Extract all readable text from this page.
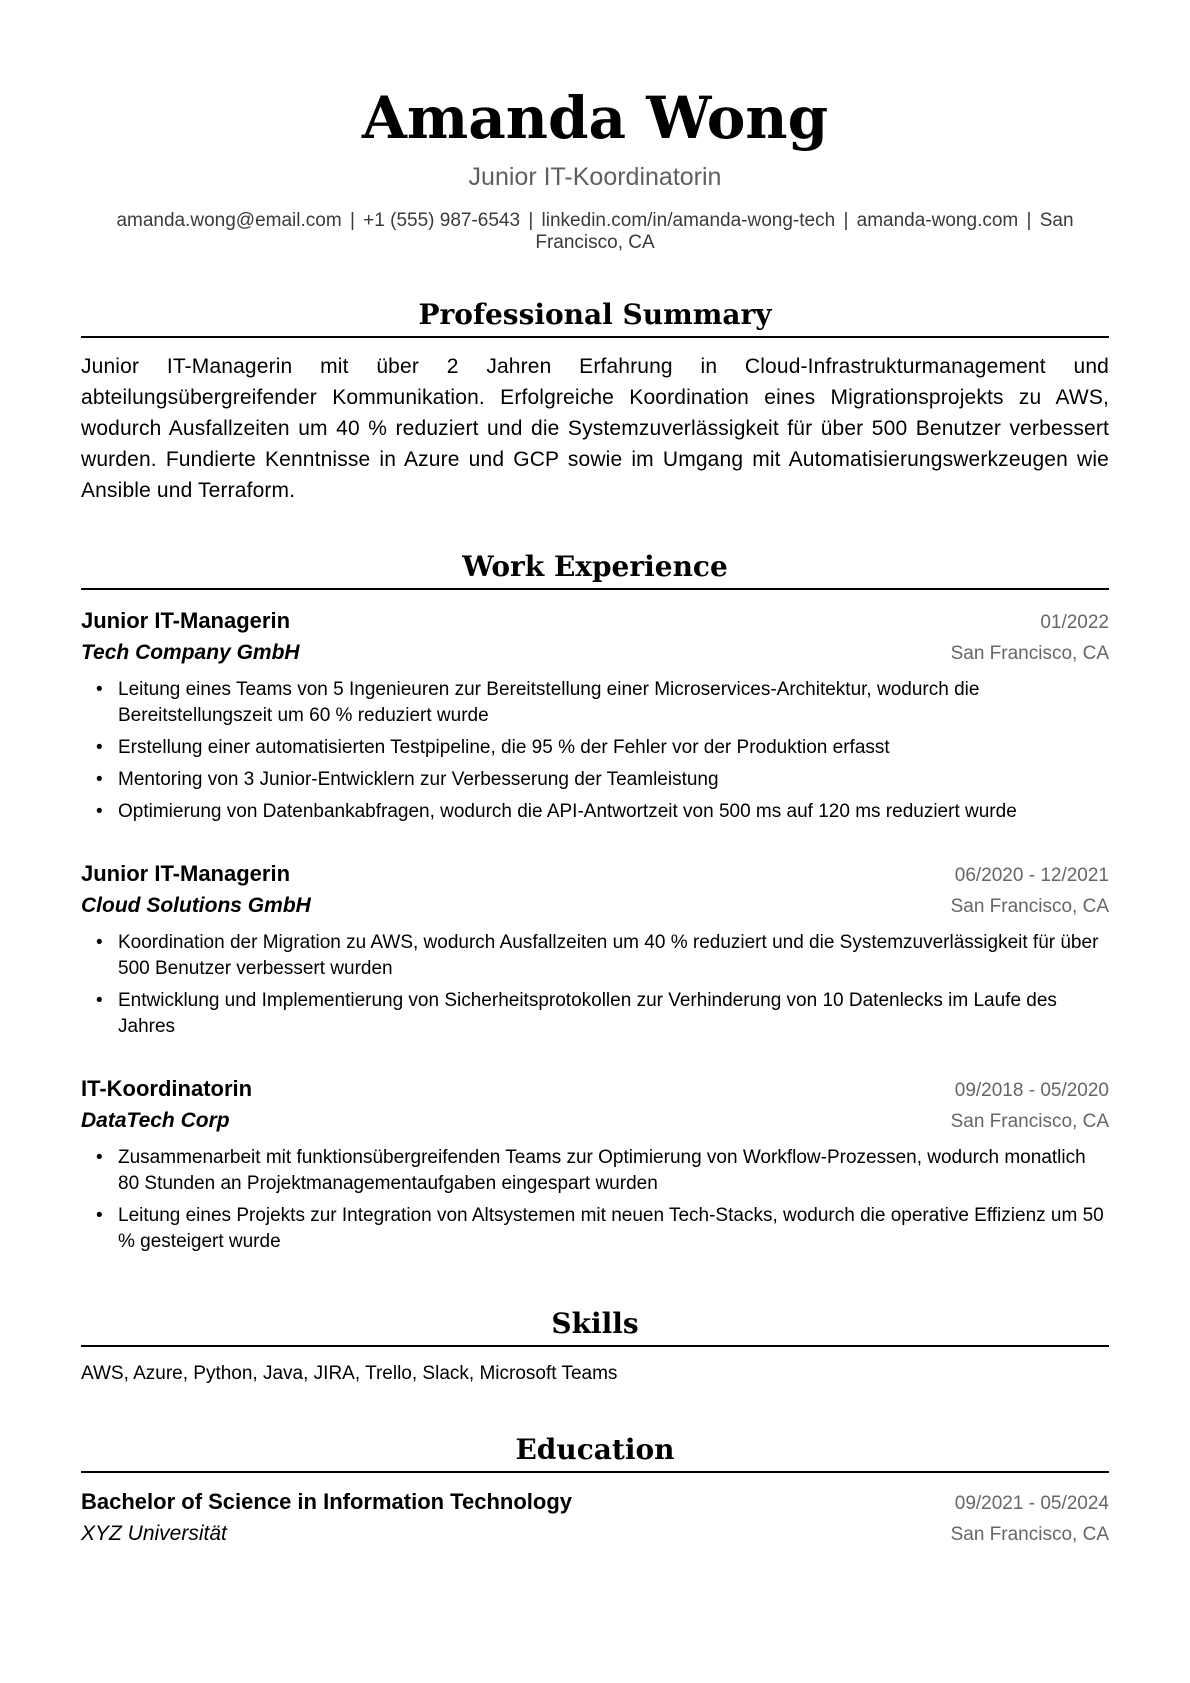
Amanda Wong
Junior IT-Koordinatorin
amanda.wong@email.com | +1 (555) 987-6543 | linkedin.com/in/amanda-wong-tech | amanda-wong.com | San Francisco, CA
Professional Summary

Junior IT-Managerin mit über 2 Jahren Erfahrung in Cloud-Infrastrukturmanagement und abteilungsübergreifender Kommunikation. Erfolgreiche Koordination eines Migrationsprojekts zu AWS, wodurch Ausfallzeiten um 40 % reduziert und die Systemzuverlässigkeit für über 500 Benutzer verbessert wurden. Fundierte Kenntnisse in Azure und GCP sowie im Umgang mit Automatisierungswerkzeugen wie Ansible und Terraform.

Work Experience
Junior IT-Managerin	01/2022
Tech Company GmbH	San Francisco, CA
• Leitung eines Teams von 5 Ingenieuren zur Bereitstellung einer Microservices-Architektur, wodurch die Bereitstellungszeit um 60 % reduziert wurde
• Erstellung einer automatisierten Testpipeline, die 95 % der Fehler vor der Produktion erfasst
• Mentoring von 3 Junior-Entwicklern zur Verbesserung der Teamleistung
• Optimierung von Datenbankabfragen, wodurch die API-Antwortzeit von 500 ms auf 120 ms reduziert wurde
Junior IT-Managerin	06/2020 - 12/2021
Cloud Solutions GmbH	San Francisco, CA
• Koordination der Migration zu AWS, wodurch Ausfallzeiten um 40 % reduziert und die Systemzuverlässigkeit für über 500 Benutzer verbessert wurden
• Entwicklung und Implementierung von Sicherheitsprotokollen zur Verhinderung von 10 Datenlecks im Laufe des Jahres
IT-Koordinatorin	09/2018 - 05/2020
DataTech Corp	San Francisco, CA
• Zusammenarbeit mit funktionsübergreifenden Teams zur Optimierung von Workflow-Prozessen, wodurch monatlich 80 Stunden an Projektmanagementaufgaben eingespart wurden
• Leitung eines Projekts zur Integration von Altsystemen mit neuen Tech-Stacks, wodurch die operative Effizienz um 50 % gesteigert wurde
Skills
AWS, Azure, Python, Java, JIRA, Trello, Slack, Microsoft Teams
Education
Bachelor of Science in Information Technology	09/2021 - 05/2024
XYZ Universität	San Francisco, CA
